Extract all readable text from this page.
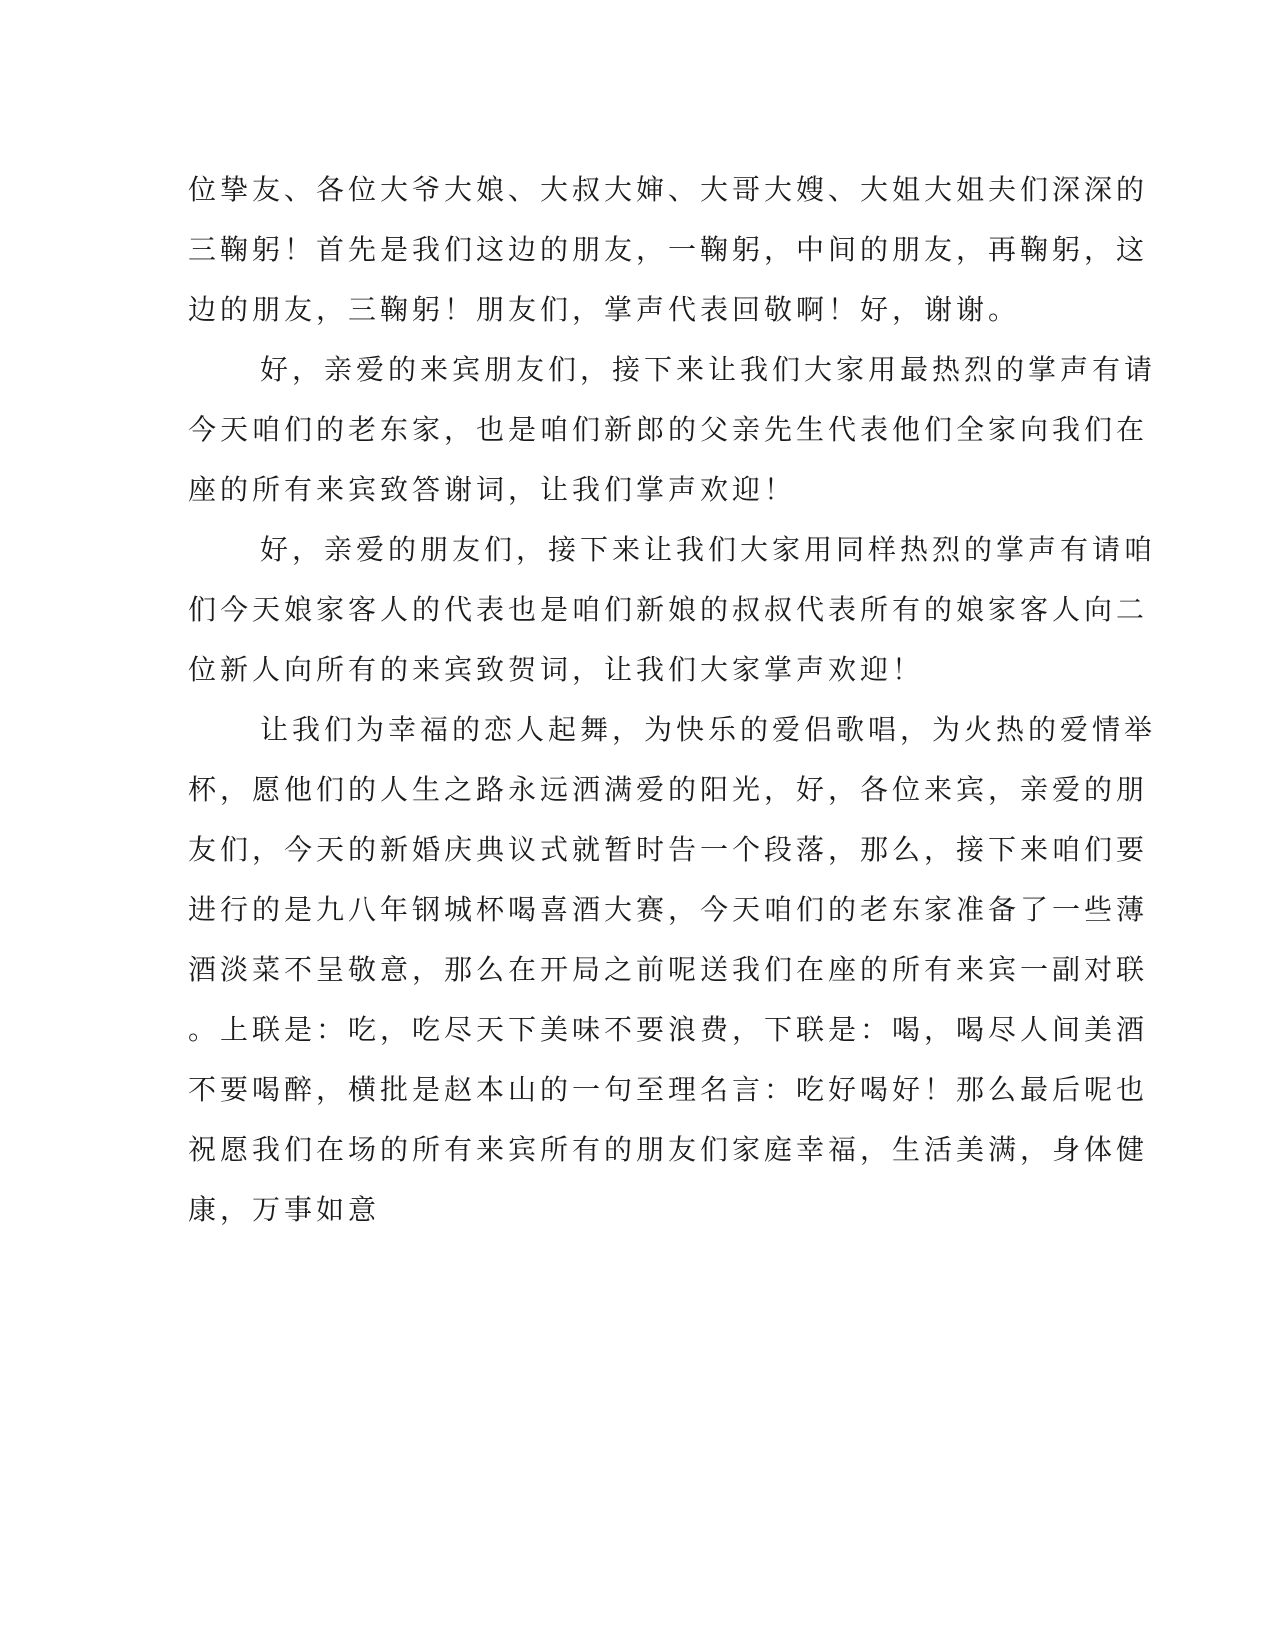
位挚友、各位大爷大娘、大叔大婶、大哥大嫂、大姐大姐夫们深深的
三鞠躬！首先是我们这边的朋友，一鞠躬，中间的朋友，再鞠躬，这
边的朋友，三鞠躬！朋友们，掌声代表回敬啊！好，谢谢。
好，亲爱的来宾朋友们，接下来让我们大家用最热烈的掌声有请
今天咱们的老东家，也是咱们新郎的父亲先生代表他们全家向我们在
座的所有来宾致答谢词，让我们掌声欢迎！
好，亲爱的朋友们，接下来让我们大家用同样热烈的掌声有请咱
们今天娘家客人的代表也是咱们新娘的叔叔代表所有的娘家客人向二
位新人向所有的来宾致贺词，让我们大家掌声欢迎！
让我们为幸福的恋人起舞，为快乐的爱侣歌唱，为火热的爱情举
杯，愿他们的人生之路永远洒满爱的阳光，好，各位来宾，亲爱的朋
友们，今天的新婚庆典议式就暂时告一个段落，那么，接下来咱们要
进行的是九八年钢城杯喝喜酒大赛，今天咱们的老东家准备了一些薄
酒淡菜不呈敬意，那么在开局之前呢送我们在座的所有来宾一副对联
。上联是：吃，吃尽天下美味不要浪费，下联是：喝，喝尽人间美酒
不要喝醉，横批是赵本山的一句至理名言：吃好喝好！那么最后呢也
祝愿我们在场的所有来宾所有的朋友们家庭幸福，生活美满，身体健
康，万事如意
